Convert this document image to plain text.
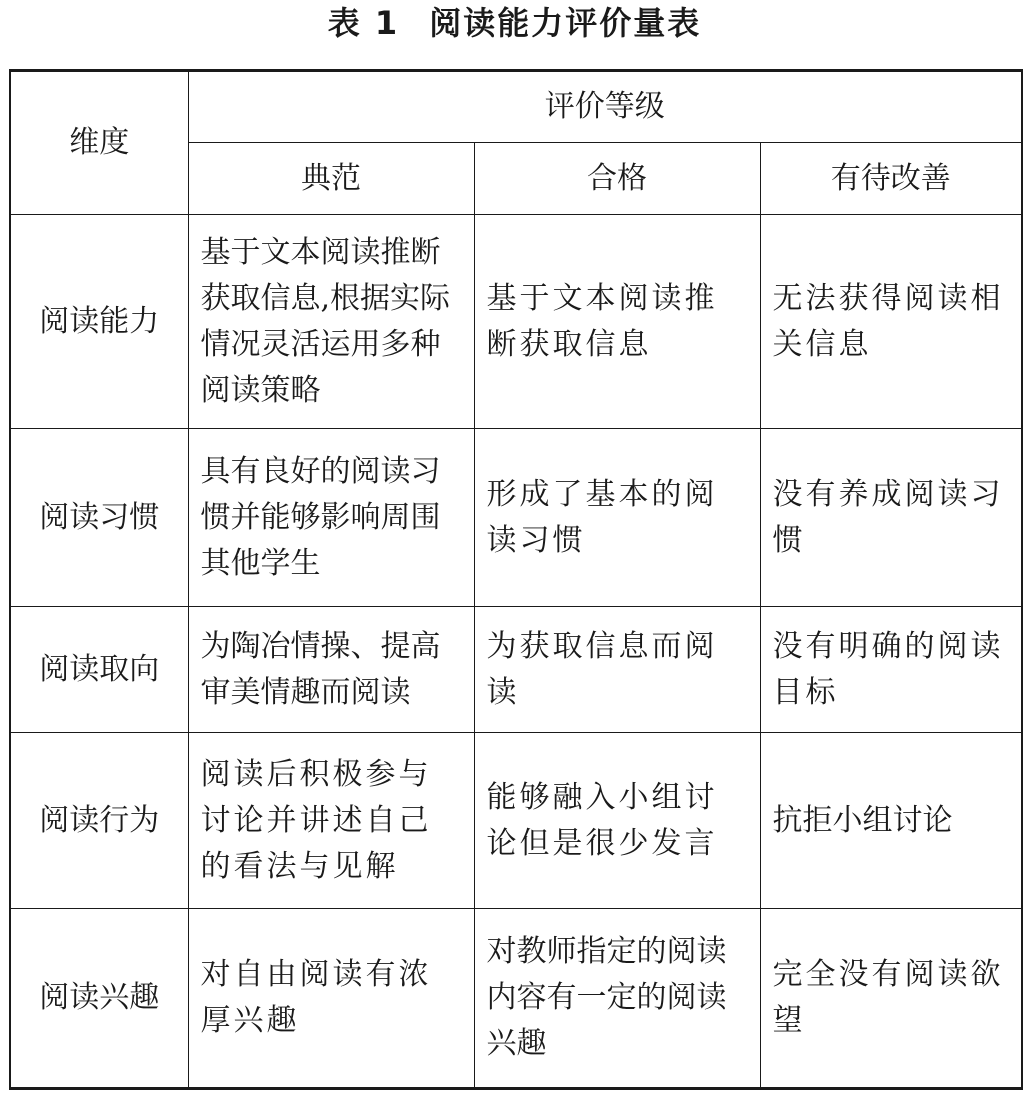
表 1 阅读能力评价量表
维度	评价等级		
	典范	合格	有待改善
阅读能力	基于文本阅读推断获取信息,根据实际情况灵活运用多种阅读策略	基于文本阅读推断获取信息	无法获得阅读相关信息
阅读习惯	具有良好的阅读习惯并能够影响周围其他学生	形成了基本的阅读习惯	没有养成阅读习惯
阅读取向	为陶冶情操、提高审美情趣而阅读	为获取信息而阅读	没有明确的阅读目标
阅读行为	阅读后积极参与讨论并讲述自己的看法与见解	能够融入小组讨论但是很少发言	抗拒小组讨论
阅读兴趣	对自由阅读有浓厚兴趣	对教师指定的阅读内容有一定的阅读兴趣	完全没有阅读欲望
